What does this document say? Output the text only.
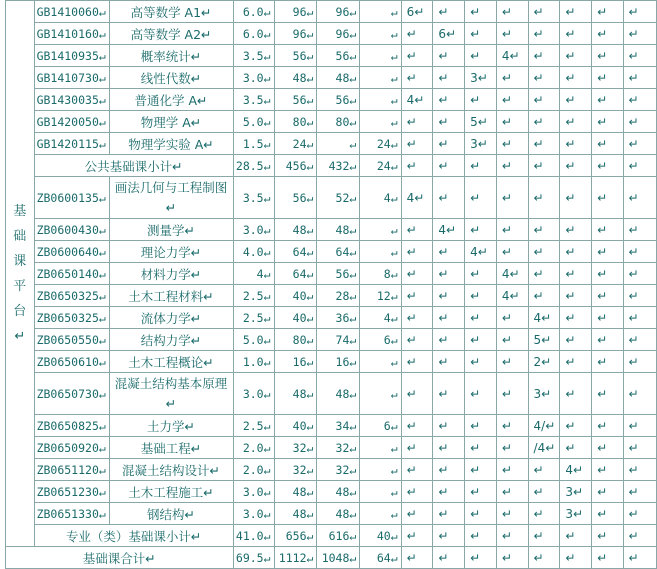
基础课平台↵	GB1410060↵	高等数学 A1↵	6.0↵	96↵	96↵	↵	6↵	↵	↵	↵	↵	↵	↵	↵
	GB1410160↵	高等数学 A2↵	6.0↵	96↵	96↵	↵	↵	6↵	↵	↵	↵	↵	↵	↵
	GB1410935↵	概率统计↵	3.5↵	56↵	56↵	↵	↵	↵	↵	4↵	↵	↵	↵	↵
	GB1410730↵	线性代数↵	3.0↵	48↵	48↵	↵	↵	↵	3↵	↵	↵	↵	↵	↵
	GB1430035↵	普通化学 A↵	3.5↵	56↵	56↵	↵	4↵	↵	↵	↵	↵	↵	↵	↵
	GB1420050↵	物理学 A↵	5.0↵	80↵	80↵	↵	↵	↵	5↵	↵	↵	↵	↵	↵
	GB1420115↵	物理学实验 A↵	1.5↵	24↵	↵	24↵	↵	↵	3↵	↵	↵	↵	↵	↵
	公共基础课小计↵		28.5↵	456↵	432↵	24↵	↵	↵	↵	↵	↵	↵	↵	↵
	ZB0600135↵	画法几何与工程制图↵	3.5↵	56↵	52↵	4↵	4↵	↵	↵	↵	↵	↵	↵	↵
	ZB0600430↵	测量学↵	3.0↵	48↵	48↵	↵	↵	4↵	↵	↵	↵	↵	↵	↵
	ZB0600640↵	理论力学↵	4.0↵	64↵	64↵	↵	↵	↵	4↵	↵	↵	↵	↵	↵
	ZB0650140↵	材料力学↵	4↵	64↵	56↵	8↵	↵	↵	↵	4↵	↵	↵	↵	↵
	ZB0650325↵	土木工程材料↵	2.5↵	40↵	28↵	12↵	↵	↵	↵	4↵	↵	↵	↵	↵
	ZB0650325↵	流体力学↵	2.5↵	40↵	36↵	4↵	↵	↵	↵	↵	4↵	↵	↵	↵
	ZB0650550↵	结构力学↵	5.0↵	80↵	74↵	6↵	↵	↵	↵	↵	5↵	↵	↵	↵
	ZB0650610↵	土木工程概论↵	1.0↵	16↵	16↵	↵	↵	↵	↵	↵	2↵	↵	↵	↵
	ZB0650730↵	混凝土结构基本原理↵	3.0↵	48↵	48↵	↵	↵	↵	↵	↵	3↵	↵	↵	↵
	ZB0650825↵	土力学↵	2.5↵	40↵	34↵	6↵	↵	↵	↵	↵	4/↵	↵	↵	↵
	ZB0650920↵	基础工程↵	2.0↵	32↵	32↵	↵	↵	↵	↵	↵	/4↵	↵	↵	↵
	ZB0651120↵	混凝土结构设计↵	2.0↵	32↵	32↵	↵	↵	↵	↵	↵	↵	4↵	↵	↵
	ZB0651230↵	土木工程施工↵	3.0↵	48↵	48↵	↵	↵	↵	↵	↵	↵	3↵	↵	↵
	ZB0651330↵	钢结构↵	3.0↵	48↵	48↵	↵	↵	↵	↵	↵	↵	3↵	↵	↵
	专业（类）基础课小计↵		41.0↵	656↵	616↵	40↵	↵	↵	↵	↵	↵	↵	↵	↵
基础课合计↵			69.5↵	1112↵	1048↵	64↵	↵	↵	↵	↵	↵	↵	↵	↵
